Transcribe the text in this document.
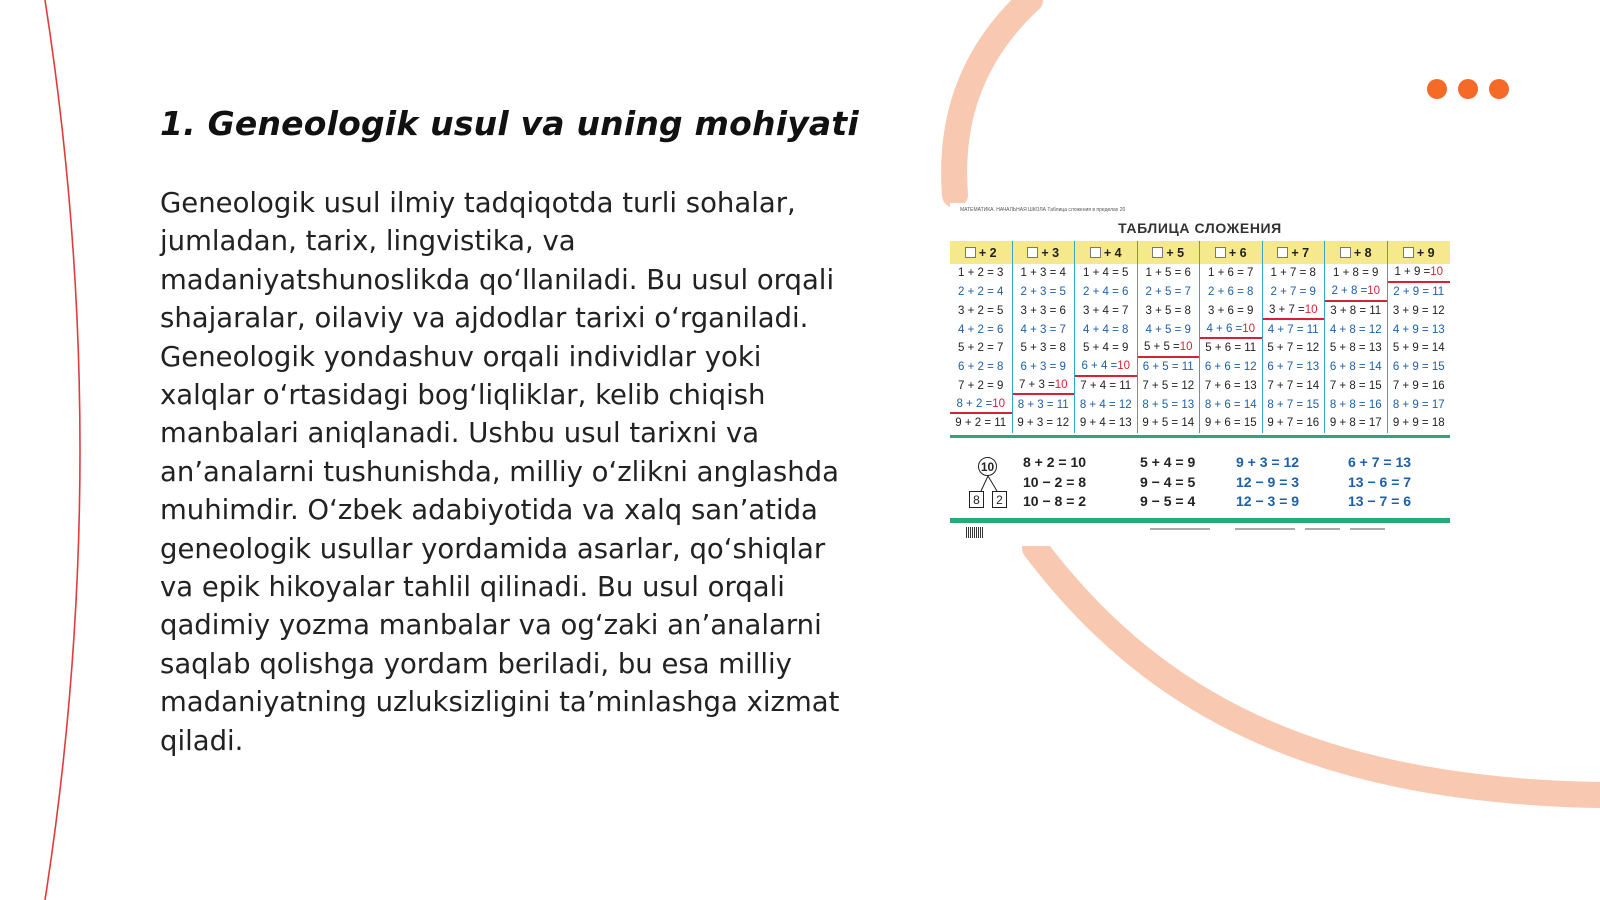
1. Geneologik usul va uning mohiyati

Geneologik usul ilmiy tadqiqotda turli sohalar, jumladan, tarix, lingvistika, va madaniyatshunoslikda qo‘llaniladi. Bu usul orqali shajaralar, oilaviy va ajdodlar tarixi o‘rganiladi. Geneologik yondashuv orqali individlar yoki xalqlar o‘rtasidagi bog‘liqliklar, kelib chiqish manbalari aniqlanadi. Ushbu usul tarixni va an’analarni tushunishda, milliy o‘zlikni anglashda muhimdir. O‘zbek adabiyotida va xalq san’atida geneologik usullar yordamida asarlar, qo‘shiqlar va epik hikoyalar tahlil qilinadi. Bu usul orqali qadimiy yozma manbalar va og‘zaki an’analarni saqlab qolishga yordam beriladi, bu esa milliy madaniyatning uzluksizligini ta’minlashga xizmat qiladi.

МАТЕМАТИКА. НАЧАЛЬНАЯ ШКОЛА Таблица сложения в пределах 20
ТАБЛИЦА СЛОЖЕНИЯ
+ 2
1 + 2 = 3
2 + 2 = 4
3 + 2 = 5
4 + 2 = 6
5 + 2 = 7
6 + 2 = 8
7 + 2 = 9
8 + 2 = 10
9 + 2 = 11
+ 3
1 + 3 = 4
2 + 3 = 5
3 + 3 = 6
4 + 3 = 7
5 + 3 = 8
6 + 3 = 9
7 + 3 = 10
8 + 3 = 11
9 + 3 = 12
+ 4
1 + 4 = 5
2 + 4 = 6
3 + 4 = 7
4 + 4 = 8
5 + 4 = 9
6 + 4 = 10
7 + 4 = 11
8 + 4 = 12
9 + 4 = 13
+ 5
1 + 5 = 6
2 + 5 = 7
3 + 5 = 8
4 + 5 = 9
5 + 5 = 10
6 + 5 = 11
7 + 5 = 12
8 + 5 = 13
9 + 5 = 14
+ 6
1 + 6 = 7
2 + 6 = 8
3 + 6 = 9
4 + 6 = 10
5 + 6 = 11
6 + 6 = 12
7 + 6 = 13
8 + 6 = 14
9 + 6 = 15
+ 7
1 + 7 = 8
2 + 7 = 9
3 + 7 = 10
4 + 7 = 11
5 + 7 = 12
6 + 7 = 13
7 + 7 = 14
8 + 7 = 15
9 + 7 = 16
+ 8
1 + 8 = 9
2 + 8 = 10
3 + 8 = 11
4 + 8 = 12
5 + 8 = 13
6 + 8 = 14
7 + 8 = 15
8 + 8 = 16
9 + 8 = 17
+ 9
1 + 9 = 10
2 + 9 = 11
3 + 9 = 12
4 + 9 = 13
5 + 9 = 14
6 + 9 = 15
7 + 9 = 16
8 + 9 = 17
9 + 9 = 18
10
8	2
8 + 2 = 10
10 − 2 = 8
10 − 8 = 2
5 + 4 = 9
9 − 4 = 5
9 − 5 = 4
9 + 3 = 12
12 − 9 = 3
12 − 3 = 9
6 + 7 = 13
13 − 6 = 7
13 − 7 = 6
